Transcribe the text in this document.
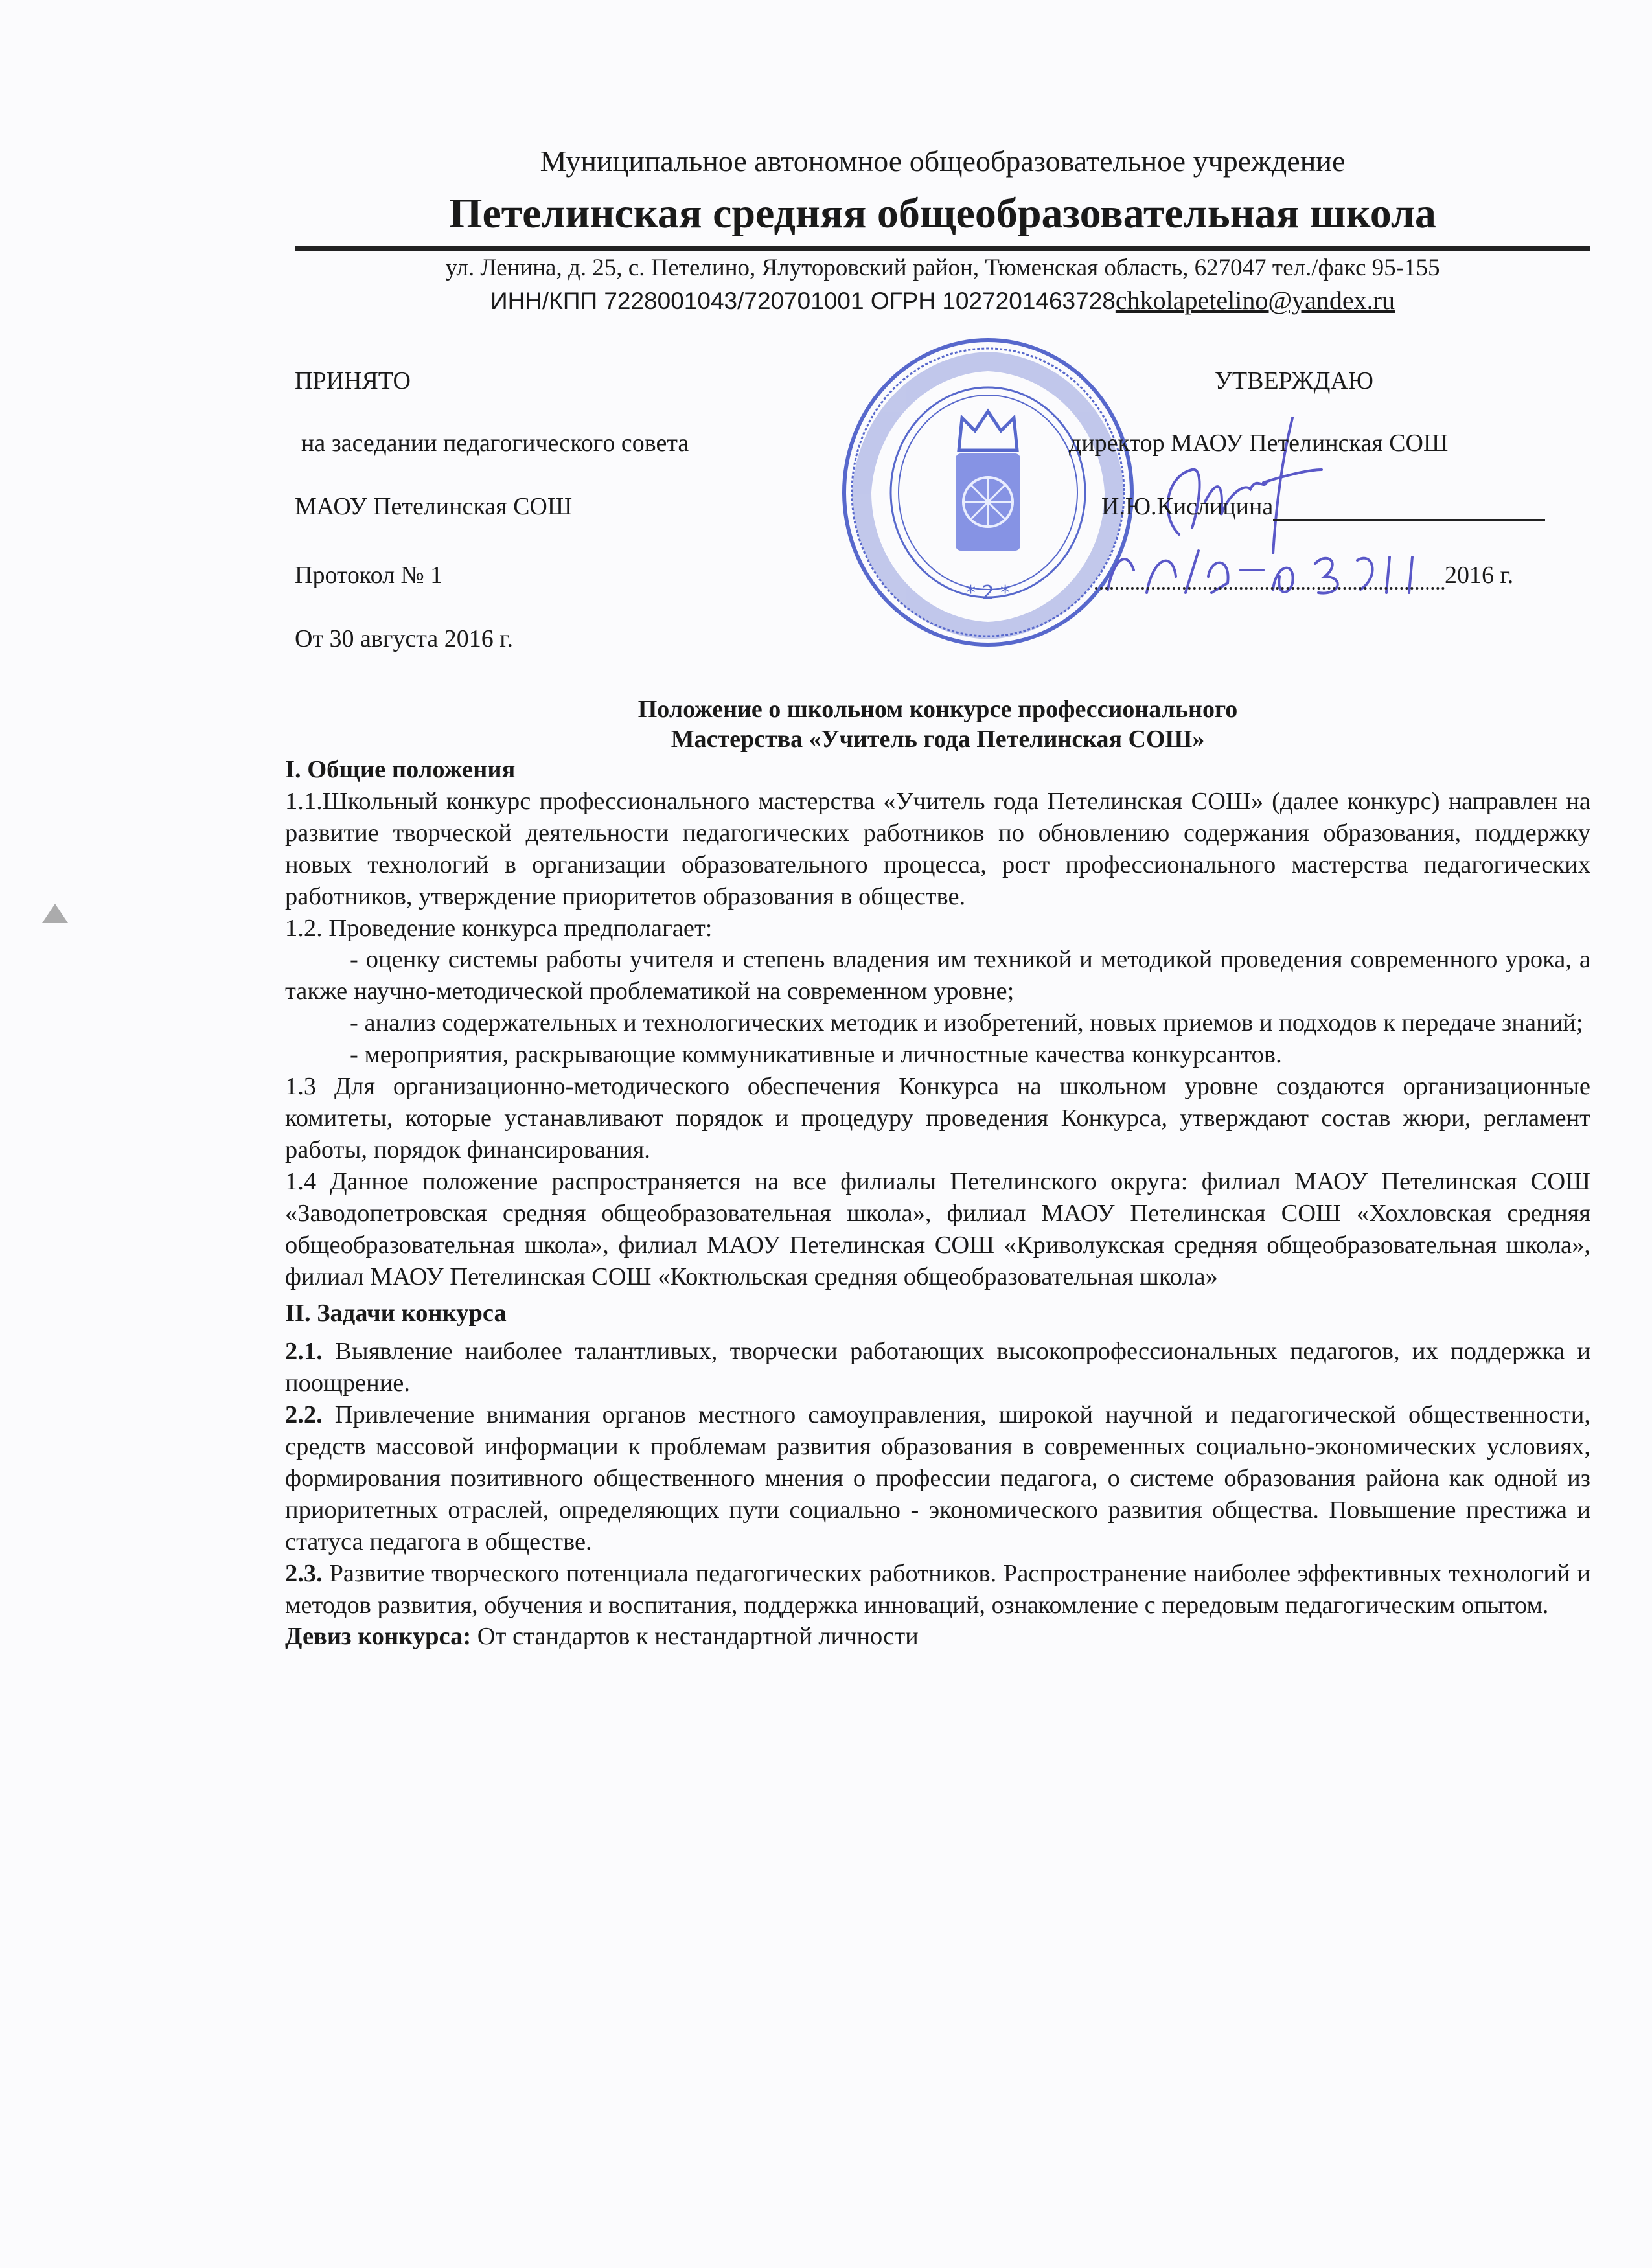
Муниципальное автономное общеобразовательное учреждение
Петелинская средняя общеобразовательная школа
ул. Ленина, д. 25, с. Петелино, Ялуторовский район, Тюменская область, 627047 тел./факс 95-155
ИНН/КПП 7228001043/720701001 ОГРН 1027201463728chkolapetelino@yandex.ru
* 2 *
ПРИНЯТО
на заседании педагогического совета
МАОУ Петелинская СОШ
Протокол № 1
От 30 августа 2016 г.
УТВЕРЖДАЮ
директор МАОУ Петелинская СОШ
И.Ю.Кислицина
2016 г.
Положение о школьном конкурсе профессионального
Мастерства «Учитель года Петелинская СОШ»
I. Общие положения

1.1.Школьный конкурс профессионального мастерства «Учитель года Петелинская СОШ» (далее конкурс) направлен на развитие творческой деятельности педагогических работников по обновлению содержания образования, поддержку новых технологий в организации образовательного процесса, рост профессионального мастерства педагогических работников, утверждение приоритетов образования в обществе.

1.2. Проведение конкурса предполагает:

- оценку системы работы учителя и степень владения им техникой и методикой проведения современного урока, а также научно-методической проблематикой на современном уровне;

- анализ содержательных и технологических методик и изобретений, новых приемов и подходов к передаче знаний;

- мероприятия, раскрывающие коммуникативные и личностные качества конкурсантов.

1.3 Для организационно-методического обеспечения Конкурса на школьном уровне создаются организационные комитеты, которые устанавливают порядок и процедуру проведения Конкурса, утверждают состав жюри, регламент работы, порядок финансирования.

1.4 Данное положение распространяется на все филиалы Петелинского округа: филиал МАОУ Петелинская СОШ «Заводопетровская средняя общеобразовательная школа», филиал МАОУ Петелинская СОШ «Хохловская средняя общеобразовательная школа», филиал МАОУ Петелинская СОШ «Криволукская средняя общеобразовательная школа», филиал МАОУ Петелинская СОШ «Коктюльская средняя общеобразовательная школа»

II. Задачи конкурса

2.1. Выявление наиболее талантливых, творчески работающих высокопрофессиональных педагогов, их поддержка и поощрение.

2.2. Привлечение внимания органов местного самоуправления, широкой научной и педагогической общественности, средств массовой информации к проблемам развития образования в современных социально-экономических условиях, формирования позитивного общественного мнения о профессии педагога, о системе образования района как одной из приоритетных отраслей, определяющих пути социально - экономического развития общества. Повышение престижа и статуса педагога в обществе.

2.3. Развитие творческого потенциала педагогических работников. Распространение наиболее эффективных технологий и методов развития, обучения и воспитания, поддержка инноваций, ознакомление с передовым педагогическим опытом.

Девиз конкурса: От стандартов к нестандартной личности
